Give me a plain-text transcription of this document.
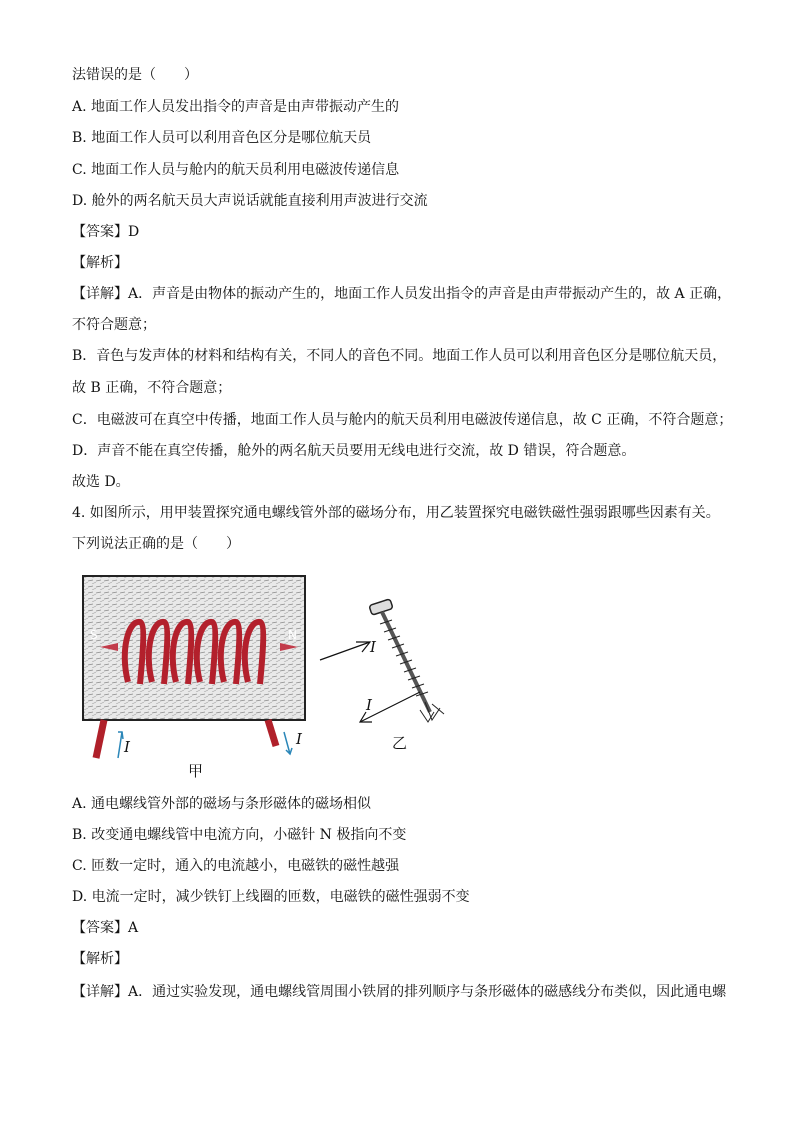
法错误的是（　　）
A. 地面工作人员发出指令的声音是由声带振动产生的
B. 地面工作人员可以利用音色区分是哪位航天员
C. 地面工作人员与舱内的航天员利用电磁波传递信息
D. 舱外的两名航天员大声说话就能直接利用声波进行交流
【答案】D
【解析】
【详解】A．声音是由物体的振动产生的，地面工作人员发出指令的声音是由声带振动产生的，故 A 正确，
不符合题意；
B．音色与发声体的材料和结构有关，不同人的音色不同。地面工作人员可以利用音色区分是哪位航天员，
故 B 正确，不符合题意；
C．电磁波可在真空中传播，地面工作人员与舱内的航天员利用电磁波传递信息，故 C 正确，不符合题意；
D．声音不能在真空传播，舱外的两名航天员要用无线电进行交流，故 D 错误，符合题意。
故选 D。
4. 如图所示，用甲装置探究通电螺线管外部的磁场分布，用乙装置探究电磁铁磁性强弱跟哪些因素有关。
下列说法正确的是（　　）
S	N
I	I
I
I
甲
乙
A. 通电螺线管外部的磁场与条形磁体的磁场相似
B. 改变通电螺线管中电流方向，小磁针 N 极指向不变
C. 匝数一定时，通入的电流越小，电磁铁的磁性越强
D. 电流一定时，减少铁钉上线圈的匝数，电磁铁的磁性强弱不变
【答案】A
【解析】
【详解】A．通过实验发现，通电螺线管周围小铁屑的排列顺序与条形磁体的磁感线分布类似，因此通电螺
